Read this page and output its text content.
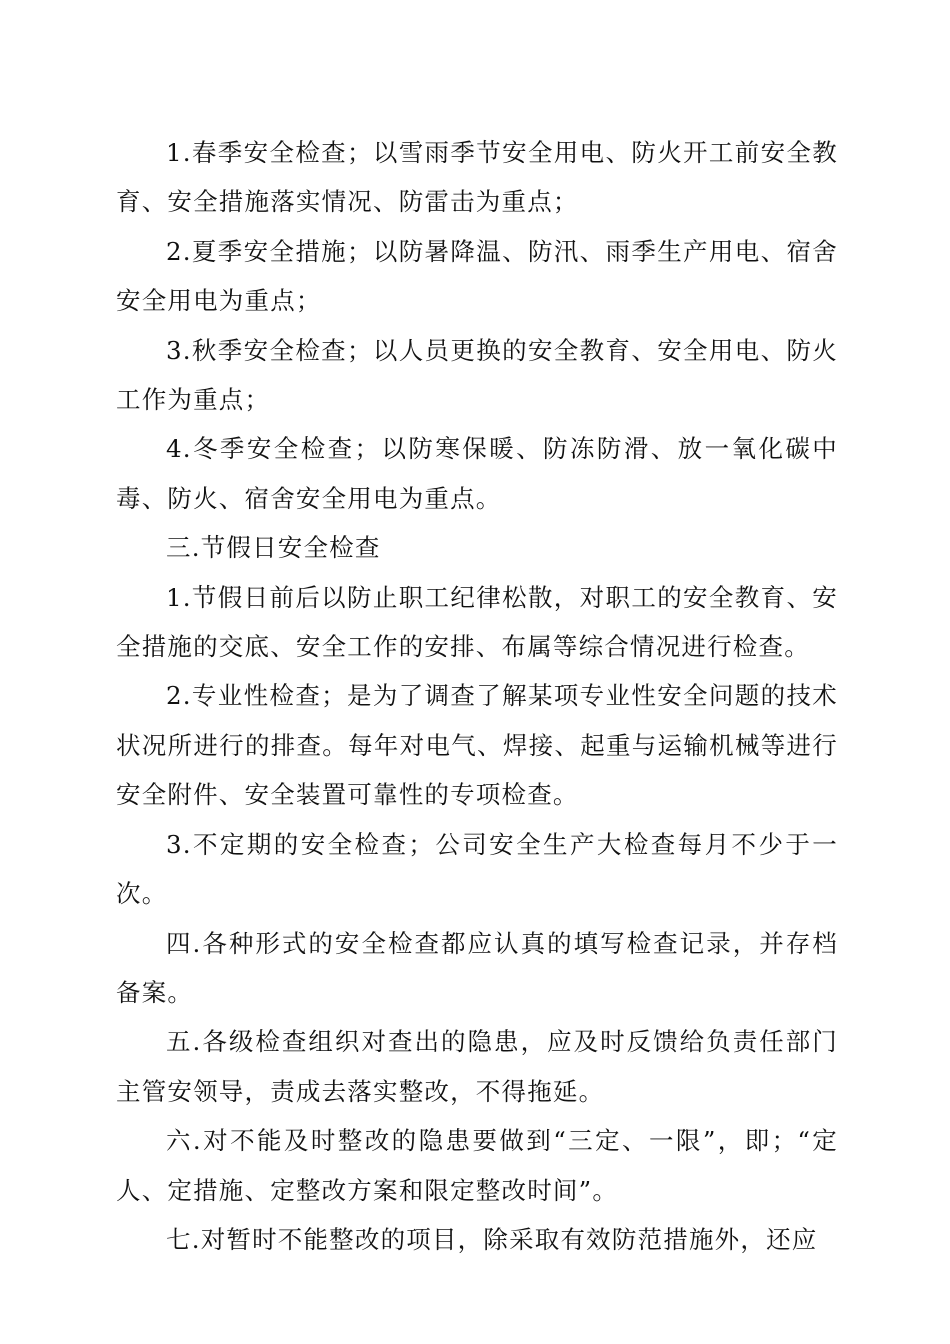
1.春季安全检查；以雪雨季节安全用电、防火开工前安全教育、安全措施落实情况、防雷击为重点；

2.夏季安全措施；以防暑降温、防汛、雨季生产用电、宿舍安全用电为重点；

3.秋季安全检查；以人员更换的安全教育、安全用电、防火工作为重点；

4.冬季安全检查；以防寒保暖、防冻防滑、放一氧化碳中毒、防火、宿舍安全用电为重点。

三.节假日安全检查

1.节假日前后以防止职工纪律松散，对职工的安全教育、安全措施的交底、安全工作的安排、布属等综合情况进行检查。

2.专业性检查；是为了调查了解某项专业性安全问题的技术状况所进行的排查。每年对电气、焊接、起重与运输机械等进行安全附件、安全装置可靠性的专项检查。

3.不定期的安全检查；公司安全生产大检查每月不少于一次。

四.各种形式的安全检查都应认真的填写检查记录，并存档备案。

五.各级检查组织对查出的隐患，应及时反馈给负责任部门主管安领导，责成去落实整改，不得拖延。

六.对不能及时整改的隐患要做到“三定、一限”，即；“定人、定措施、定整改方案和限定整改时间”。

七.对暂时不能整改的项目，除采取有效防范措施外，还应
